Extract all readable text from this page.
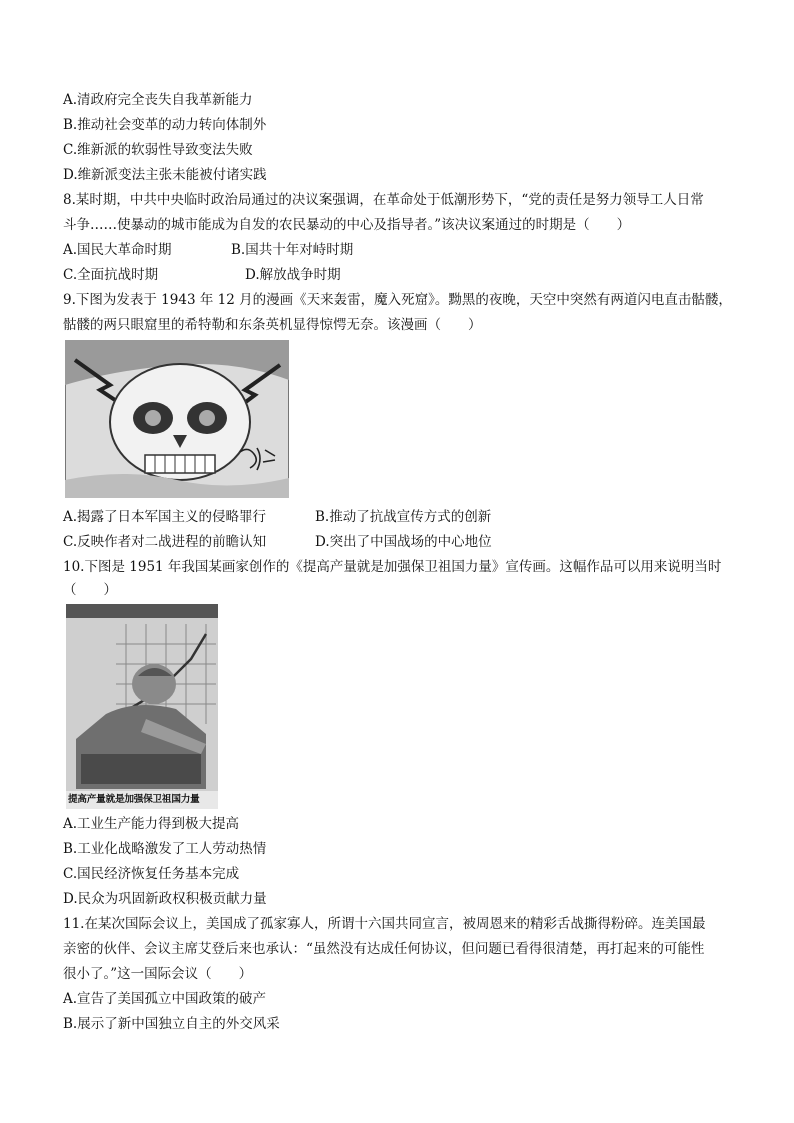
A.清政府完全丧失自我革新能力
B.推动社会变革的动力转向体制外
C.维新派的软弱性导致变法失败
D.维新派变法主张未能被付诸实践
8.某时期，中共中央临时政治局通过的决议案强调，在革命处于低潮形势下，“党的责任是努力领导工人日常
斗争……使暴动的城市能成为自发的农民暴动的中心及指导者。”该决议案通过的时期是（　　）
A.国民大革命时期	B.国共十年对峙时期
C.全面抗战时期	D.解放战争时期
9.下图为发表于 1943 年 12 月的漫画《天来轰雷，魔入死窟》。黝黑的夜晚，天空中突然有两道闪电直击骷髅，
骷髅的两只眼窟里的希特勒和东条英机显得惊愕无奈。该漫画（　　）
A.揭露了日本军国主义的侵略罪行	B.推动了抗战宣传方式的创新
C.反映作者对二战进程的前瞻认知	D.突出了中国战场的中心地位
10.下图是 1951 年我国某画家创作的《提高产量就是加强保卫祖国力量》宣传画。这幅作品可以用来说明当时
（　　）
提高产量就是加强保卫祖国力量
A.工业生产能力得到极大提高
B.工业化战略激发了工人劳动热情
C.国民经济恢复任务基本完成
D.民众为巩固新政权积极贡献力量
11.在某次国际会议上，美国成了孤家寡人，所谓十六国共同宣言，被周恩来的精彩舌战撕得粉碎。连美国最
亲密的伙伴、会议主席艾登后来也承认：“虽然没有达成任何协议，但问题已看得很清楚，再打起来的可能性
很小了。”这一国际会议（　　）
A.宣告了美国孤立中国政策的破产
B.展示了新中国独立自主的外交风采
